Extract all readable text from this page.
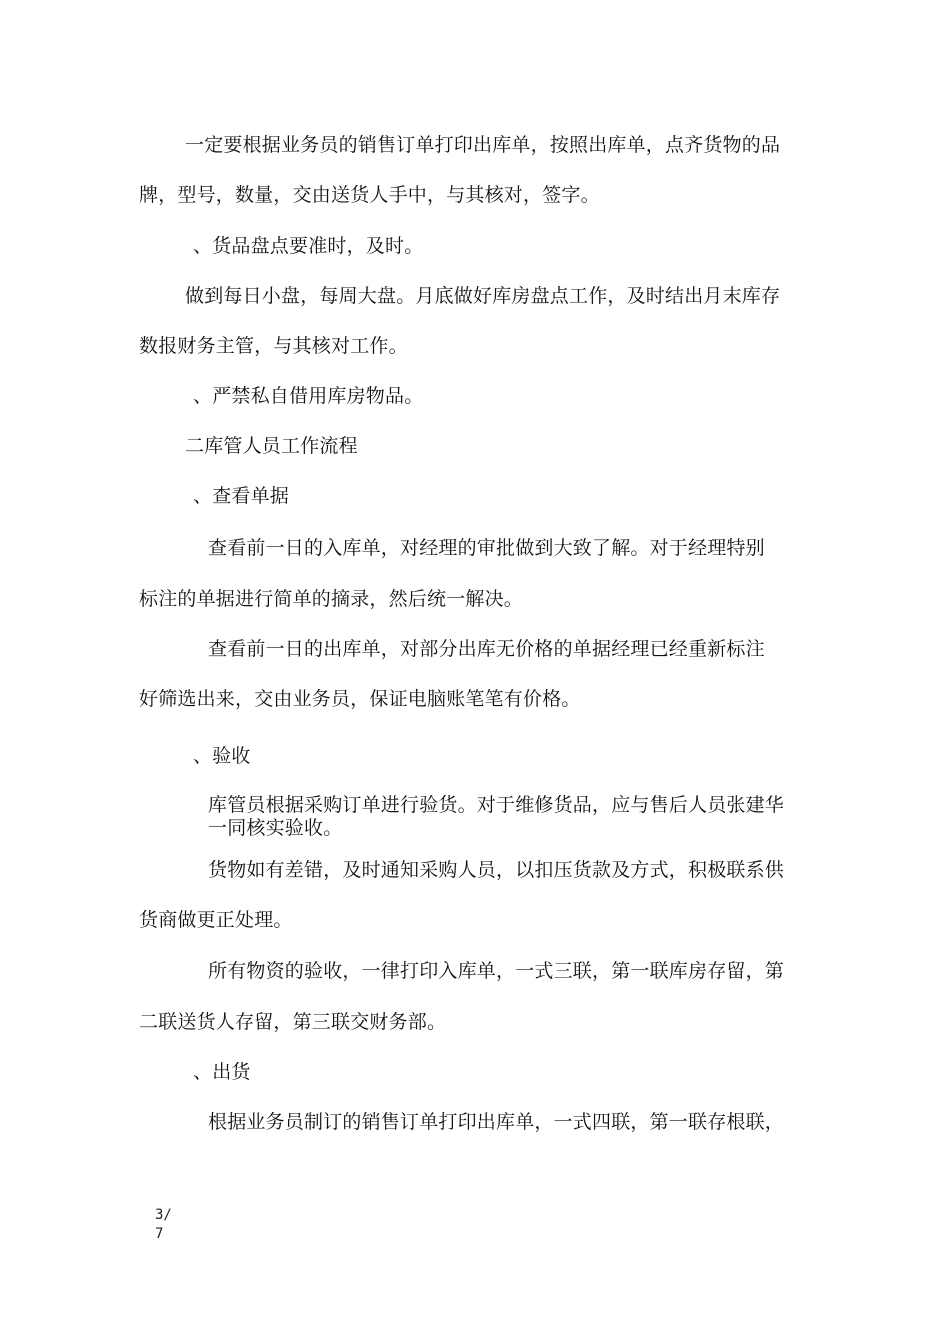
一定要根据业务员的销售订单打印出库单，按照出库单，点齐货物的品
牌，型号，数量，交由送货人手中，与其核对，签字。
、货品盘点要准时，及时。
做到每日小盘，每周大盘。月底做好库房盘点工作，及时结出月末库存
数报财务主管，与其核对工作。
、严禁私自借用库房物品。
二库管人员工作流程
、查看单据
查看前一日的入库单，对经理的审批做到大致了解。对于经理特别
标注的单据进行简单的摘录，然后统一解决。
查看前一日的出库单，对部分出库无价格的单据经理已经重新标注
好筛选出来，交由业务员，保证电脑账笔笔有价格。
、验收
库管员根据采购订单进行验货。对于维修货品，应与售后人员张建华
一同核实验收。
货物如有差错，及时通知采购人员，以扣压货款及方式，积极联系供
货商做更正处理。
所有物资的验收，一律打印入库单，一式三联，第一联库房存留，第
二联送货人存留，第三联交财务部。
、出货
根据业务员制订的销售订单打印出库单，一式四联，第一联存根联，
3/
7
